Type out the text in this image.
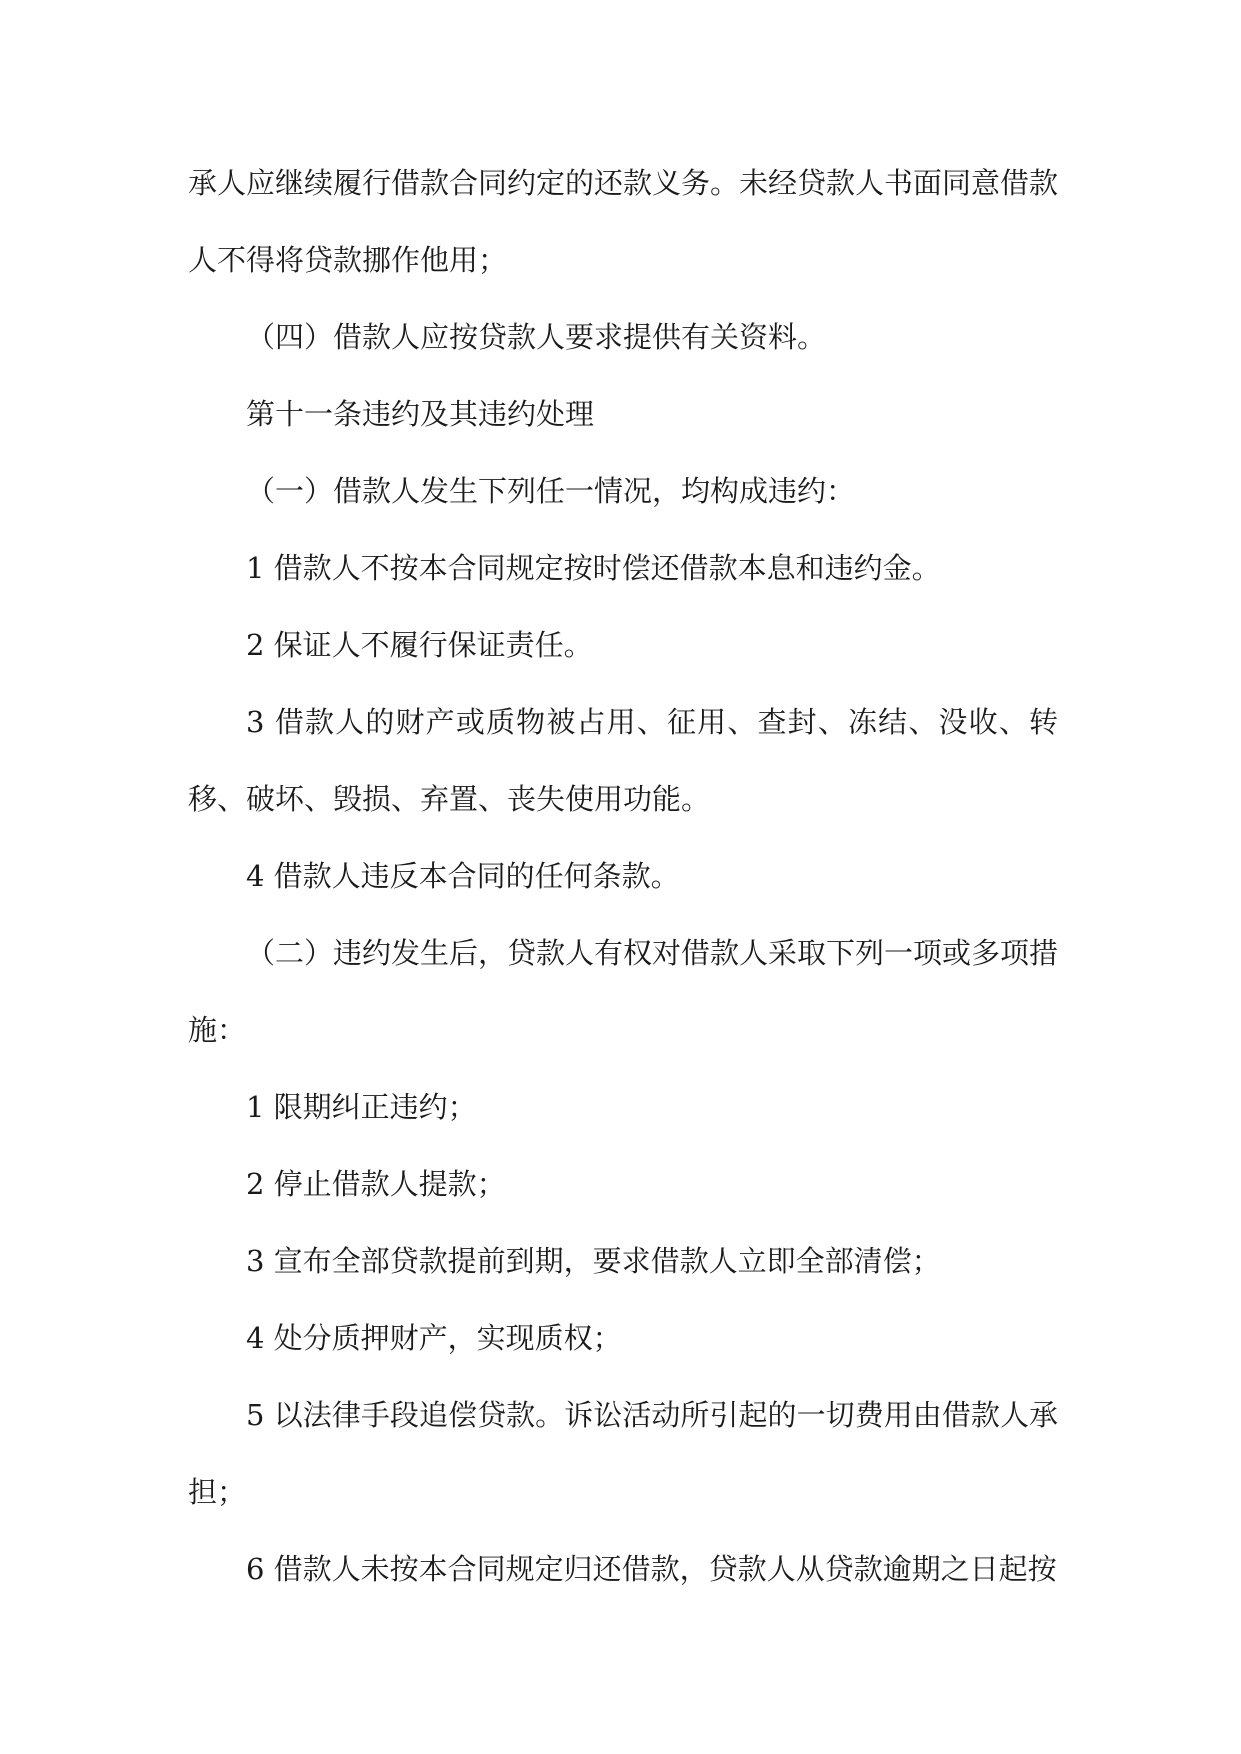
承人应继续履行借款合同约定的还款义务。未经贷款人书面同意借款人不得将贷款挪作他用；

（四）借款人应按贷款人要求提供有关资料。

第十一条违约及其违约处理

（一）借款人发生下列任一情况，均构成违约：

1 借款人不按本合同规定按时偿还借款本息和违约金。

2 保证人不履行保证责任。

3 借款人的财产或质物被占用、征用、查封、冻结、没收、转移、破坏、毁损、弃置、丧失使用功能。

4 借款人违反本合同的任何条款。

（二）违约发生后，贷款人有权对借款人采取下列一项或多项措施：

1 限期纠正违约；

2 停止借款人提款；

3 宣布全部贷款提前到期，要求借款人立即全部清偿；

4 处分质押财产，实现质权；

5 以法律手段追偿贷款。诉讼活动所引起的一切费用由借款人承担；

6 借款人未按本合同规定归还借款，贷款人从贷款逾期之日起按
